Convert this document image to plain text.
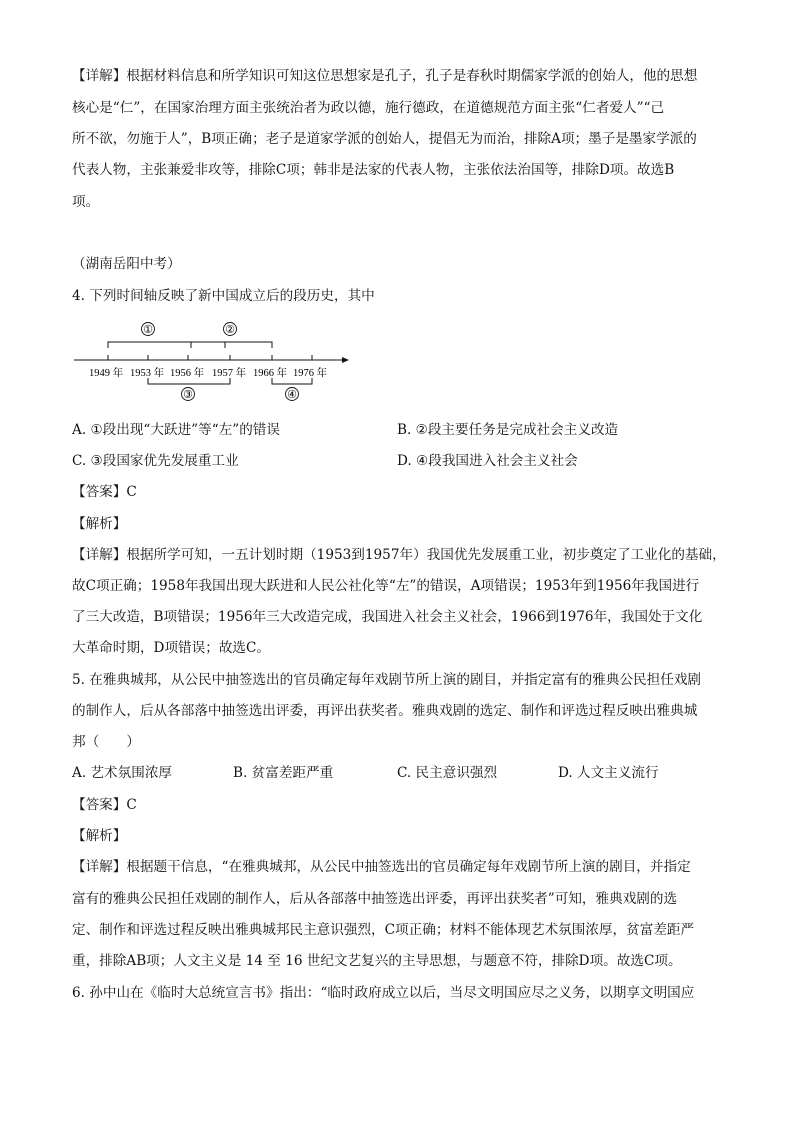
【详解】根据材料信息和所学知识可知这位思想家是孔子，孔子是春秋时期儒家学派的创始人，他的思想
核心是“仁”，在国家治理方面主张统治者为政以德，施行德政，在道德规范方面主张“仁者爱人”“己
所不欲，勿施于人”，B项正确；老子是道家学派的创始人，提倡无为而治，排除A项；墨子是墨家学派的
代表人物，主张兼爱非攻等，排除C项；韩非是法家的代表人物，主张依法治国等，排除D项。故选B
项。
（湖南岳阳中考）
4. 下列时间轴反映了新中国成立后的段历史，其中
①	②
1949 年 1953 年 1956 年 1957 年 1966 年 1976 年
③	④
A. ①段出现“大跃进”等“左”的错误	B. ②段主要任务是完成社会主义改造
C. ③段国家优先发展重工业	D. ④段我国进入社会主义社会
【答案】C
【解析】
【详解】根据所学可知，一五计划时期（1953到1957年）我国优先发展重工业，初步奠定了工业化的基础，
故C项正确；1958年我国出现大跃进和人民公社化等“左”的错误，A项错误；1953年到1956年我国进行
了三大改造，B项错误；1956年三大改造完成，我国进入社会主义社会，1966到1976年，我国处于文化
大革命时期，D项错误；故选C。
5. 在雅典城邦，从公民中抽签选出的官员确定每年戏剧节所上演的剧目，并指定富有的雅典公民担任戏剧
的制作人，后从各部落中抽签选出评委，再评出获奖者。雅典戏剧的选定、制作和评选过程反映出雅典城
邦（　　）
A. 艺术氛围浓厚	B. 贫富差距严重	C. 民主意识强烈	D. 人文主义流行
【答案】C
【解析】
【详解】根据题干信息，“在雅典城邦，从公民中抽签选出的官员确定每年戏剧节所上演的剧目，并指定
富有的雅典公民担任戏剧的制作人，后从各部落中抽签选出评委，再评出获奖者”可知，雅典戏剧的选
定、制作和评选过程反映出雅典城邦民主意识强烈，C项正确；材料不能体现艺术氛围浓厚，贫富差距严
重，排除AB项；人文主义是 14 至 16 世纪文艺复兴的主导思想，与题意不符，排除D项。故选C项。
6. 孙中山在《临时大总统宣言书》指出：“临时政府成立以后，当尽文明国应尽之义务，以期享文明国应
